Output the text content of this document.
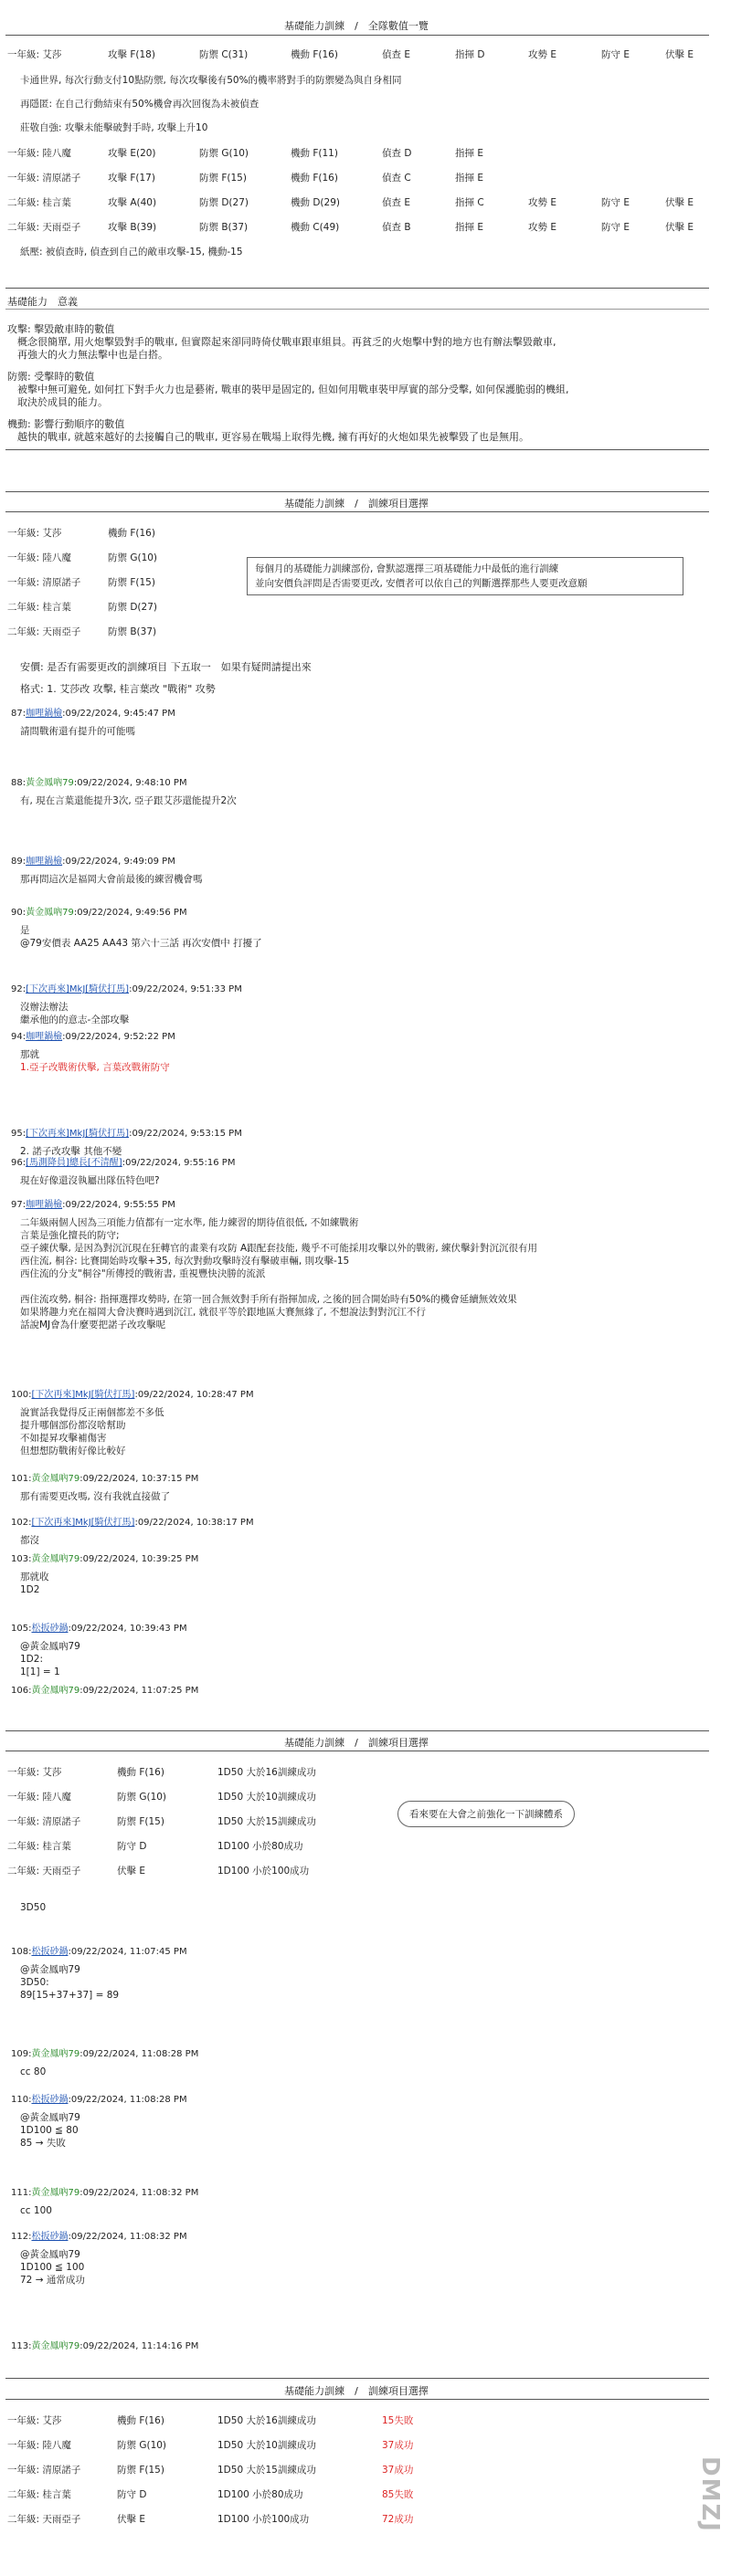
基礎能力訓練　/　全隊數值一覽
一年級: 艾莎	攻擊 F(18)	防禦 C(31)	機動 F(16)	偵查 E	指揮 D	攻勢 E	防守 E	伏擊 E
卡通世界, 每次行動支付10點防禦, 每次攻擊後有50%的機率將對手的防禦變為與自身相同
再隱匿: 在自己行動結束有50%機會再次回復為未被偵查
莊敬自強: 攻擊未能擊破對手時, 攻擊上升10
一年級: 陸八魔	攻擊 E(20)	防禦 G(10)	機動 F(11)	偵查 D	指揮 E
一年級: 清原諾子	攻擊 F(17)	防禦 F(15)	機動 F(16)	偵查 C	指揮 E
二年級: 桂言葉	攻擊 A(40)	防禦 D(27)	機動 D(29)	偵查 E	指揮 C	攻勢 E	防守 E	伏擊 E
二年級: 天雨亞子	攻擊 B(39)	防禦 B(37)	機動 C(49)	偵查 B	指揮 E	攻勢 E	防守 E	伏擊 E
紙壓: 被偵查時, 偵查到自己的敵車攻擊-15, 機動-15
基礎能力　意義
攻擊: 擊毀敵車時的數值
　概念很簡單, 用火炮擊毀對手的戰車, 但實際起來卻同時倚仗戰車跟車組員。再貧乏的火炮擊中對的地方也有辦法擊毀敵車,
　再強大的火力無法擊中也是白搭。
防禦: 受擊時的數值
　被擊中無可避免, 如何扛下對手火力也是藝術, 戰車的裝甲是固定的, 但如何用戰車裝甲厚實的部分受擊, 如何保護脆弱的機組,
　取決於成員的能力。
機動: 影響行動順序的數值
　越快的戰車, 就越來越好的去接觸自己的戰車, 更容易在戰場上取得先機, 擁有再好的火炮如果先被擊毀了也是無用。
基礎能力訓練　/　訓練項目選擇
一年級: 艾莎	機動 F(16)
一年級: 陸八魔	防禦 G(10)
一年級: 清原諾子	防禦 F(15)
二年級: 桂言葉	防禦 D(27)
二年級: 天雨亞子	防禦 B(37)
每個月的基礎能力訓練部份, 會默認選擇三項基礎能力中最低的進行訓練
並向安價負評問是否需要更改, 安價者可以依自己的判斷選擇那些人要更改意願
安價: 是否有需要更改的訓練項目 下五取一　如果有疑問請提出來
格式: 1. 艾莎改 攻擊, 桂言葉改 "戰術" 攻勢
87:咖哩鍋檢:09/22/2024, 9:45:47 PM
請問戰術還有提升的可能嗎
88:黃金鳳吶79:09/22/2024, 9:48:10 PM
有, 現在言葉還能提升3次, 亞子跟艾莎還能提升2次
89:咖哩鍋檢:09/22/2024, 9:49:09 PM
那再問這次是福岡大會前最後的練習機會嗎
90:黃金鳳吶79:09/22/2024, 9:49:56 PM
是
@79安價表 AA25 AA43 第六十三話 再次安價中 打擾了
92:[下次再來]MkJ[騎伏打馬]:09/22/2024, 9:51:33 PM
沒辦法辦法
繼承他的的意志-全部攻擊
94:咖哩鍋檢:09/22/2024, 9:52:22 PM
那就
1.亞子改戰術伏擊, 言葉改戰術防守
95:[下次再來]MkJ[騎伏打馬]:09/22/2024, 9:53:15 PM
2. 諾子改攻擊 其他不變
96:[馬測降員]總長[不清醒]:09/22/2024, 9:55:16 PM
現在好像還沒執屬出隊伍特色吧?
97:咖哩鍋檢:09/22/2024, 9:55:55 PM
二年級兩個人因為三項能力值都有一定水準, 能力練習的期待值很低, 不如練戰術
言葉是強化擅長的防守;
亞子練伏擊, 是因為對沉沉現在狂轉官的畫業有攻防 A跟配套技能, 幾乎不可能採用攻擊以外的戰術, 練伏擊針對沉沉很有用
西住流, 桐谷: 比賽開始時攻擊+35, 每次對動攻擊時沒有擊破車輛, 則攻擊-15
西住流的分支"桐谷"所傳授的戰術書, 重視豐快決勝的流派

西住流攻勢, 桐谷: 指揮選擇攻勢時, 在第一回合無效對手所有指揮加成, 之後的回合開始時有50%的機會延續無效效果
如果將趣力充在福岡大會決賽時遇到沉江, 就很平等於跟地區大賽無緣了, 不想說法對對沉江不行
話說MJ會為什麼要把諾子改攻擊呢
100:[下次再來]MkJ[騎伏打馬]:09/22/2024, 10:28:47 PM
說實話我覺得反正兩個都差不多低
提升哪個部份都沒啥幫助
不如提昇攻擊補傷害
但想想防戰術好像比較好
101:黃金鳳吶79:09/22/2024, 10:37:15 PM
那有需要更改嗎, 沒有我就直接做了
102:[下次再來]MkJ[騎伏打馬]:09/22/2024, 10:38:17 PM
都沒
103:黃金鳳吶79:09/22/2024, 10:39:25 PM
那就收
1D2
105:松扳砂鍋:09/22/2024, 10:39:43 PM
@黃金鳳吶79
1D2:
1[1] = 1
106:黃金鳳吶79:09/22/2024, 11:07:25 PM
基礎能力訓練　/　訓練項目選擇
一年級: 艾莎	機動 F(16)	1D50 大於16訓練成功
一年級: 陸八魔	防禦 G(10)	1D50 大於10訓練成功
一年級: 清原諾子	防禦 F(15)	1D50 大於15訓練成功
二年級: 桂言葉	防守 D	1D100 小於80成功
二年級: 天雨亞子	伏擊 E	1D100 小於100成功
看來要在大會之前強化一下訓練體系
3D50
108:松扳砂鍋:09/22/2024, 11:07:45 PM
@黃金鳳吶79
3D50:
89[15+37+37] = 89
109:黃金鳳吶79:09/22/2024, 11:08:28 PM
cc 80
110:松扳砂鍋:09/22/2024, 11:08:28 PM
@黃金鳳吶79
1D100 ≦ 80
85 → 失敗
111:黃金鳳吶79:09/22/2024, 11:08:32 PM
cc 100
112:松扳砂鍋:09/22/2024, 11:08:32 PM
@黃金鳳吶79
1D100 ≦ 100
72 → 通常成功
113:黃金鳳吶79:09/22/2024, 11:14:16 PM
基礎能力訓練　/　訓練項目選擇
一年級: 艾莎	機動 F(16)	1D50 大於16訓練成功	15失敗
一年級: 陸八魔	防禦 G(10)	1D50 大於10訓練成功	37成功
一年級: 清原諾子	防禦 F(15)	1D50 大於15訓練成功	37成功
二年級: 桂言葉	防守 D	1D100 小於80成功	85失敗
二年級: 天雨亞子	伏擊 E	1D100 小於100成功	72成功	DMZJ
